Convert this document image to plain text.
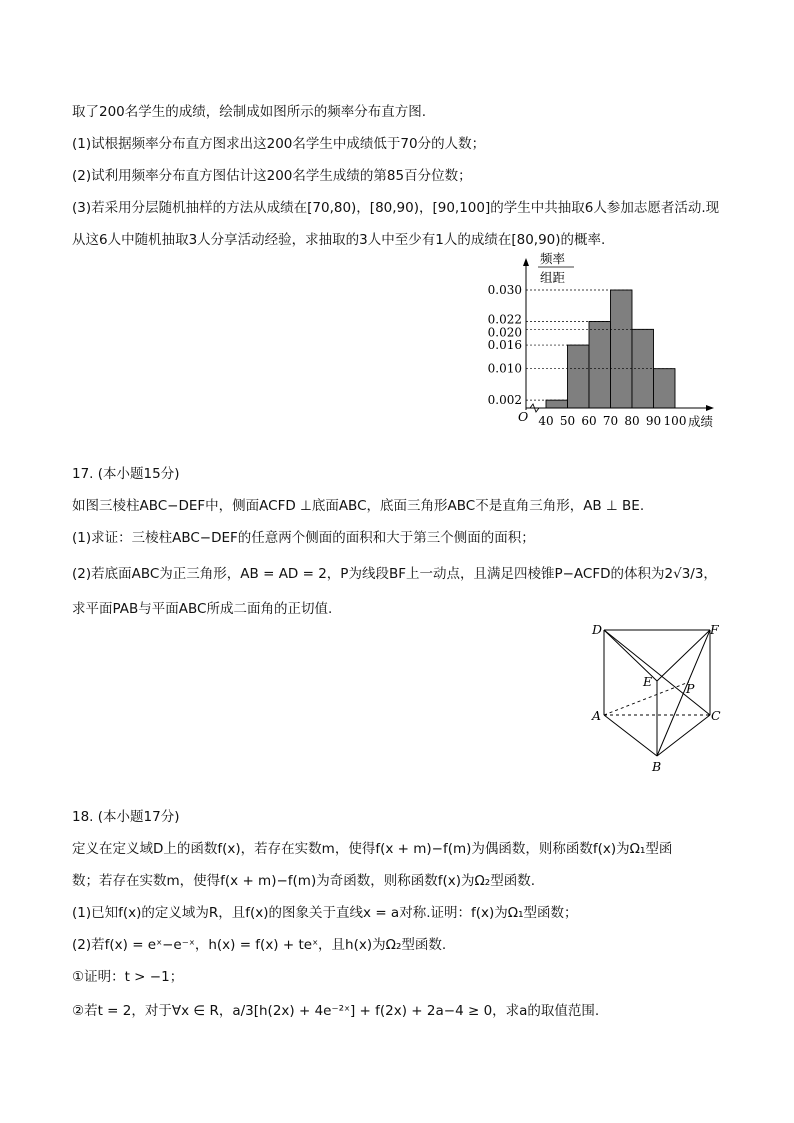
取了200名学生的成绩，绘制成如图所示的频率分布直方图.
(1)试根据频率分布直方图求出这200名学生中成绩低于70分的人数；
(2)试利用频率分布直方图估计这200名学生成绩的第85百分位数；
(3)若采用分层随机抽样的方法从成绩在[70,80)，[80,90)，[90,100]的学生中共抽取6人参加志愿者活动.现
从这6人中随机抽取3人分享活动经验，求抽取的3人中至少有1人的成绩在[80,90)的概率.
频率
组距
O	成绩
40 50 60 70 80 90 100
0.030
0.022
0.020
0.016
0.010
0.002
17. (本小题15分)
如图三棱柱ABC−DEF中，侧面ACFD ⊥底面ABC，底面三角形ABC不是直角三角形，AB ⊥ BE.
(1)求证：三棱柱ABC−DEF的任意两个侧面的面积和大于第三个侧面的面积；
(2)若底面ABC为正三角形，AB = AD = 2，P为线段BF上一动点，且满足四棱锥P−ACFD的体积为2√3/3，
求平面PAB与平面ABC所成二面角的正切值.
D	F
E	P
A	C
B
18. (本小题17分)
定义在定义域D上的函数f(x)，若存在实数m，使得f(x + m)−f(m)为偶函数，则称函数f(x)为Ω₁型函
数；若存在实数m，使得f(x + m)−f(m)为奇函数，则称函数f(x)为Ω₂型函数.
(1)已知f(x)的定义域为R，且f(x)的图象关于直线x = a对称.证明：f(x)为Ω₁型函数；
(2)若f(x) = eˣ−e⁻ˣ，h(x) = f(x) + teˣ，且h(x)为Ω₂型函数.
①证明：t > −1；
②若t = 2，对于∀x ∈ R，a/3[h(2x) + 4e⁻²ˣ] + f(2x) + 2a−4 ≥ 0，求a的取值范围.
